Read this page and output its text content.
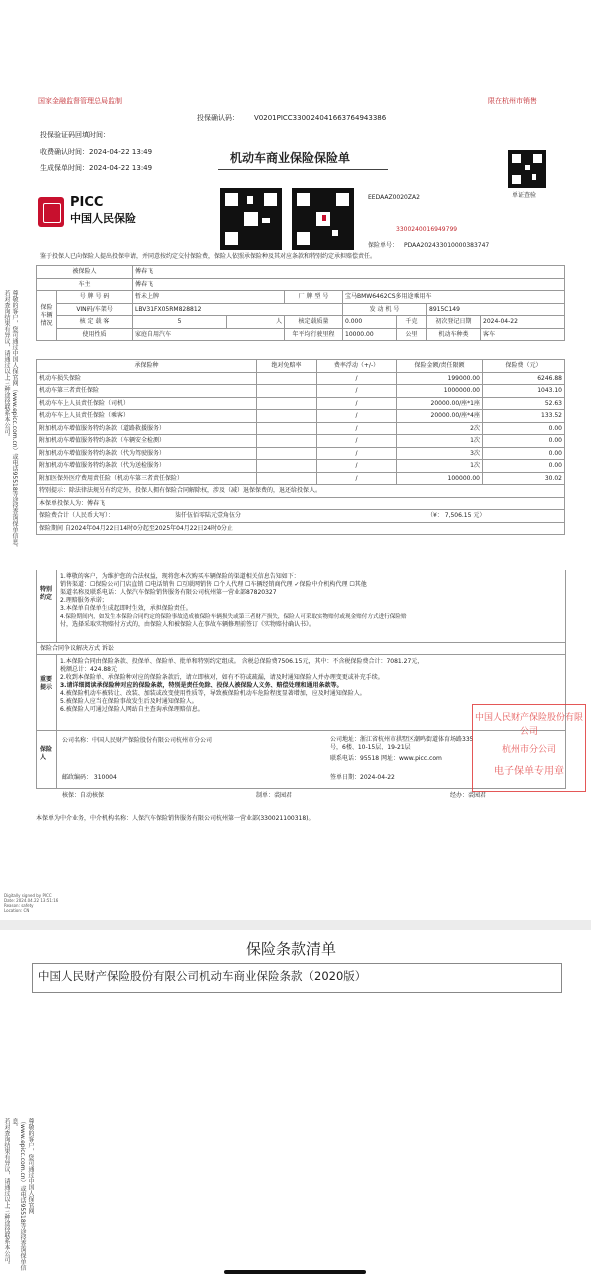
国家金融监督管理总局监制	限在杭州市销售
投保确认码： V0201PICC330024041663764943386
投保验证码回填时间：
收费确认时间：2024-04-22 13:49
生成保单时间：2024-04-22 13:49
机动车商业保险保险单
单证查验
PICC
中国人民保险
EEDAAZ0020ZA2
3300240016949799
保险单号： PDAA202433010000383747
鉴于投保人已向保险人提出投保申请，并同意按约定交付保险费，保险人依照承保险种及其对应条款和特别约定承担赔偿责任。
被保险人		傅春飞						
车主		傅春飞						
保险车辆情况	号 牌 号 码	暂未上牌		厂 牌 型 号	宝马BMW6462CS多用途乘用车			
	VIN码/车架号	LBV31FX05RM828812			发 动 机 号		8915C149	
	核 定 载 客	5	人	核定载质量	0.000	千克	初次登记日期	2024-04-22
	使用性质	家庭自用汽车		年平均行驶里程	10000.00	公里	机动车种类	客车
承保险种	绝对免赔率	费率浮动（+/-）	保险金额/责任限额	保险费（元）
机动车损失保险		/	199000.00	6246.88
机动车第三者责任保险		/	1000000.00	1043.10
机动车车上人员责任保险（司机）		/	20000.00/座*1座	52.63
机动车车上人员责任保险（乘客）		/	20000.00/座*4座	133.52
附加机动车增值服务特约条款（道路救援服务）		/	2次	0.00
附加机动车增值服务特约条款（车辆安全检测）		/	1次	0.00
附加机动车增值服务特约条款（代为驾驶服务）		/	3次	0.00
附加机动车增值服务特约条款（代为送检服务）		/	1次	0.00
附加医保外医疗费用责任险（机动车第三者责任保险）		/	100000.00	30.02
特别提示：除法律法规另有约定外，投保人拥有保险合同解除权，涉及（减）退保保费的，退还给投保人。				
本保单投保人为：傅春飞				
保险费合计（人民币大写）： 柒仟伍佰零陆元壹角伍分 （¥： 7,506.15 元）				

保险期间 自2024年04月22日14时0分起至2025年04月22日24时0分止				
特别约定
1.尊敬的客户，为维护您的合法权益，现将您本次购买车辆保险的渠道相关信息告知如下：
销售渠道：☐保险公司门店直销 ☐电话销售 ☐互联网销售 ☐个人代理 ☐车辆经销商代理 ✓保险中介机构代理 ☐其他
渠道名称及联系电话：人保汽车保险销售服务有限公司杭州第一营业部87820327
2.理赔服务承诺；
3.本保单自保单生成起即时生效，承担保险责任。
4.保险期间内，如发生本保险合同约定的保险事故造成被保险车辆损失或第三者财产损失，保险人可采取实物赔付或现金赔付方式进行保险赔
付，选择采取实物赔付方式的，由保险人和被保险人在事故车辆修理前签订《实物赔付确认书》。
保险合同争议解决方式 诉讼
重要提示
1.本保险合同由保险条款、投保单、保险单、批单和特别约定组成。 含税总保险费7506.15元，其中：不含税保险费合计：7081.27元，
税额总计：424.88元
2.收到本保险单、承保险种对应的保险条款后，请立即核对，如有不符或疏漏，请及时通知保险人并办理变更或补充手续。
3.请详细阅读承保险种对应的保险条款，特别是责任免除、投保人被保险人义务、赔偿处理和通用条款等。
4.被保险机动车被转让、改装、加装或改变使用性质等，导致被保险机动车危险程度显著增加，应及时通知保险人。
5.被保险人应当在保险事故发生后及时通知保险人。
6.被保险人可通过保险人网站自主查询承保理赔信息。
保险人
公司名称：中国人民财产保险股份有限公司杭州市分公司	公司地址：浙江省杭州市拱墅区潮鸣街道体育场路335号，6楼、10-15层、19-21层
联系电话：95518 网址：www.picc.com
邮政编码： 310004	签单日期：2024-04-22
中国人民财产保险股份有限公司
杭州市分公司
电子保单专用章
核保：自动核保	制单：裘园君	经办：裘园君
本保单为中介业务，中介机构名称：人保汽车保险销售服务有限公司杭州第一营业部(330021100318)。
Digitally signed by PICC
Date: 2024.04.22 13:51:16
Reason: safety
Location: CN
尊敬的客户，您可通过中国人保官网（www.epicc.com.cn）或电话95518等途径查询保单信息。
若对查询结果有异议，请通过以上三种途径联系本公司。
保险条款清单
中国人民财产保险股份有限公司机动车商业保险条款（2020版）
尊敬的客户，您可通过中国人保官网（www.epicc.com.cn）或电话95518等途径查询保单信息。
若对查询结果有异议，请通过以上三种途径联系本公司。
